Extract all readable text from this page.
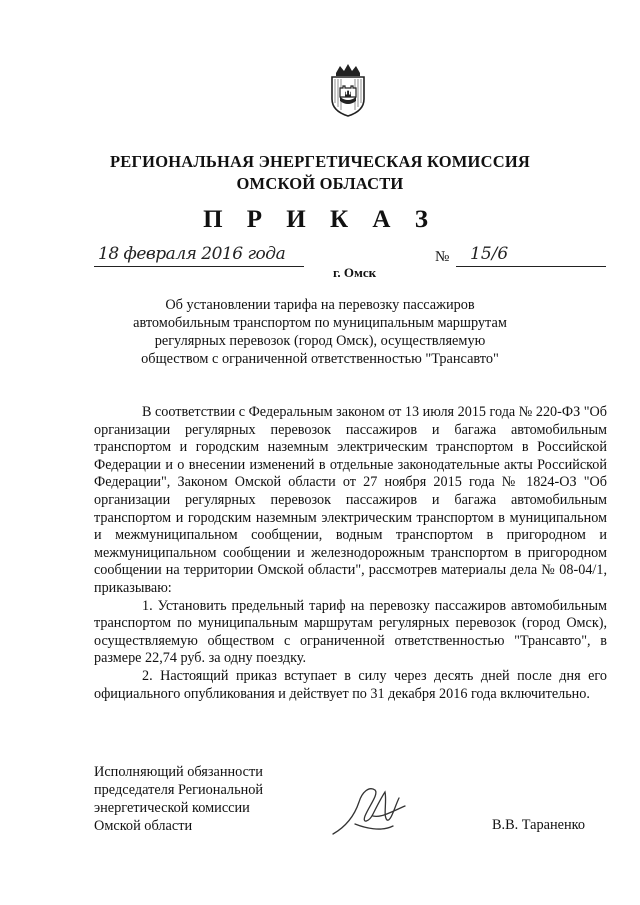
П
РЕГИОНАЛЬНАЯ ЭНЕРГЕТИЧЕСКАЯ КОМИССИЯ
ОМСКОЙ ОБЛАСТИ
П Р И К А З
18 февраля 2016 года	№ 15/6
г. Омск
Об установлении тарифа на перевозку пассажиров автомобильным транспортом по муниципальным маршрутам регулярных перевозок (город Омск), осуществляемую обществом с ограниченной ответственностью "Трансавто"

В соответствии с Федеральным законом от 13 июля 2015 года № 220-ФЗ "Об организации регулярных перевозок пассажиров и багажа автомобильным транспортом и городским наземным электрическим транспортом в Российской Федерации и о внесении изменений в отдельные законодательные акты Российской Федерации", Законом Омской области от 27 ноября 2015 года № 1824-ОЗ "Об организации регулярных перевозок пассажиров и багажа автомобильным транспортом и городским наземным электрическим транспортом в муниципальном и межмуниципальном сообщении, водным транспортом в пригородном и межмуниципальном сообщении и железнодорожным транспортом в пригородном сообщении на территории Омской области", рассмотрев материалы дела № 08-04/1, приказываю:

1. Установить предельный тариф на перевозку пассажиров автомобильным транспортом по муниципальным маршрутам регулярных перевозок (город Омск), осуществляемую обществом с ограниченной ответственностью "Трансавто", в размере 22,74 руб. за одну поездку.

2. Настоящий приказ вступает в силу через десять дней после дня его официального опубликования и действует по 31 декабря 2016 года включительно.

Исполняющий обязанности
председателя Региональной
энергетической комиссии
Омской области	В.В. Тараненко
